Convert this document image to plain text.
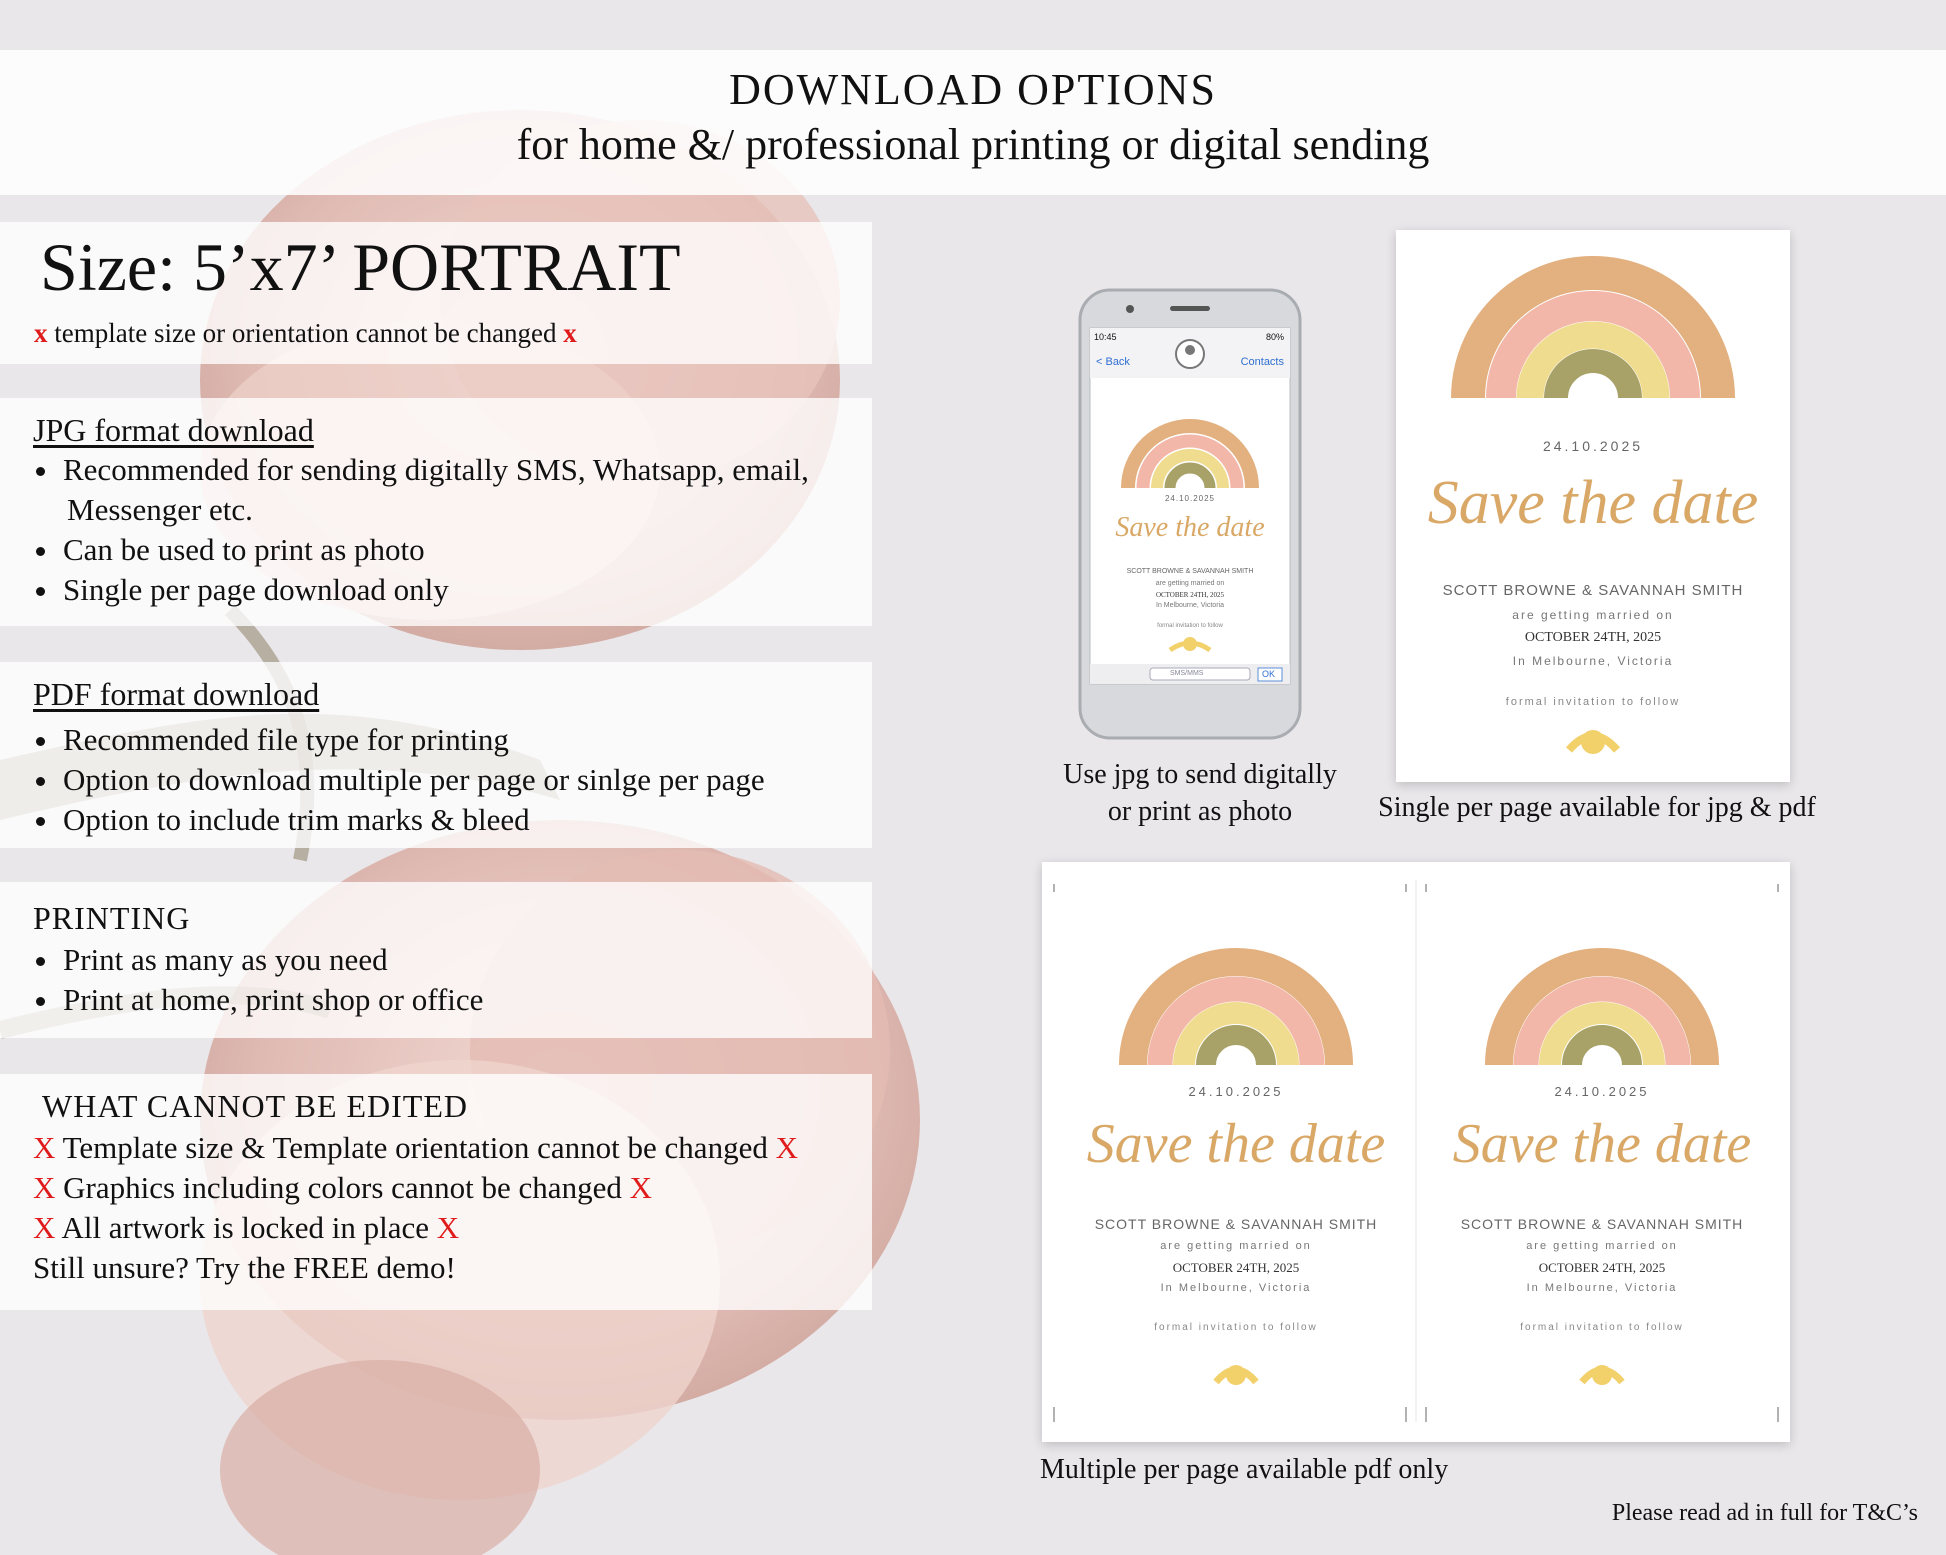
DOWNLOAD OPTIONS
for home &/ professional printing or digital sending
Size: 5’x7’ PORTRAIT
x template size or orientation cannot be changed x
JPG format download
Recommended for sending digitally SMS, Whatsapp, email,
Messenger etc.
Can be used to print as photo
Single per page download only
PDF format download
Recommended file type for printing
Option to download multiple per page or sinlge per page
Option to include trim marks & bleed
PRINTING
Print as many as you need
Print at home, print shop or office
WHAT CANNOT BE EDITED
X Template size & Template orientation cannot be changed X
X Graphics including colors cannot be changed X
X All artwork is locked in place X
Still unsure? Try the FREE demo!
10:45	80%
< Back	Contacts
24.10.2025
Save the date
SCOTT BROWNE & SAVANNAH SMITH
are getting married on
OCTOBER 24TH, 2025
In Melbourne, Victoria
formal invitation to follow
SMS/MMS	OK
Use jpg to send digitally
or print as photo
24.10.2025
Save the date
SCOTT BROWNE & SAVANNAH SMITH
are getting married on
OCTOBER 24TH, 2025
In Melbourne, Victoria
formal invitation to follow
Single per page available for jpg & pdf
24.10.2025
Save the date
SCOTT BROWNE & SAVANNAH SMITH
are getting married on
OCTOBER 24TH, 2025
In Melbourne, Victoria
formal invitation to follow
24.10.2025
Save the date
SCOTT BROWNE & SAVANNAH SMITH
are getting married on
OCTOBER 24TH, 2025
In Melbourne, Victoria
formal invitation to follow
Multiple per page available pdf only
Please read ad in full for T&C’s
